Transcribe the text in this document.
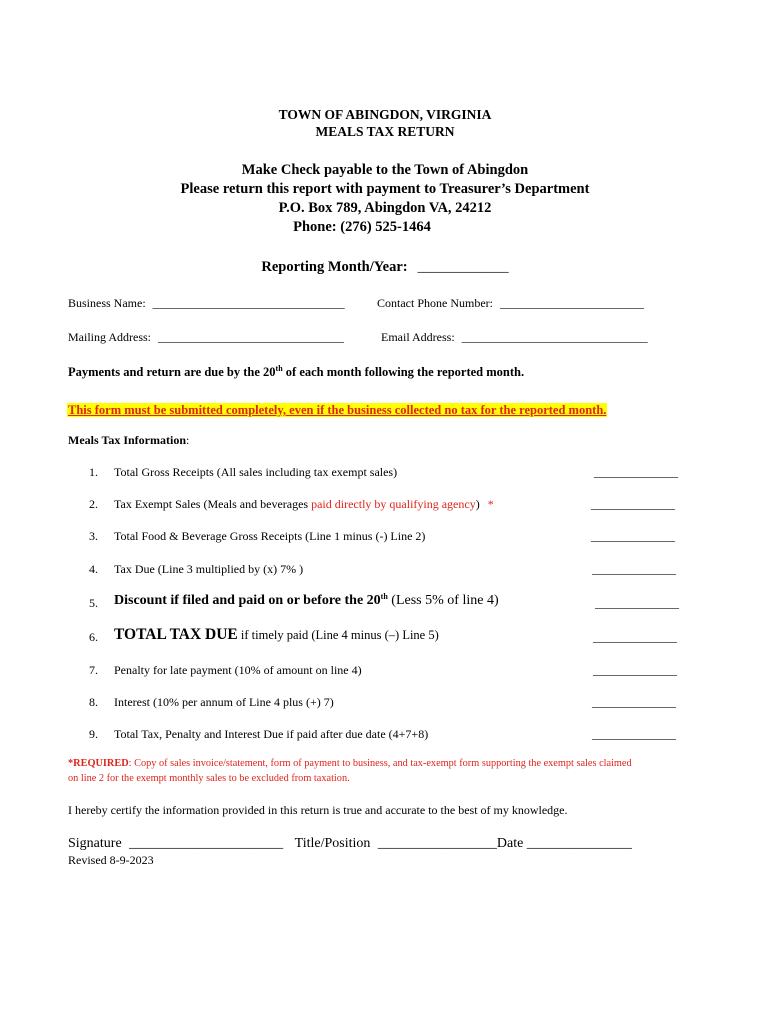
TOWN OF ABINGDON, VIRGINIA
MEALS TAX RETURN
Make Check payable to the Town of Abingdon
Please return this report with payment to Treasurer’s Department
P.O. Box 789, Abingdon VA, 24212
Phone: (276) 525-1464
Reporting Month/Year: _____________
Business Name: ________________________________	Contact Phone Number: ________________________
Mailing Address: _______________________________	Email Address: _______________________________
Payments and return are due by the 20th of each month following the reported month.
This form must be submitted completely, even if the business collected no tax for the reported month.
Meals Tax Information:
1. Total Gross Receipts (All sales including tax exempt sales)	______________
2. Tax Exempt Sales (Meals and beverages paid directly by qualifying agency) *	______________
3. Total Food & Beverage Gross Receipts (Line 1 minus (-) Line 2)	______________
4. Tax Due (Line 3 multiplied by (x) 7% )	______________
5. Discount if filed and paid on or before the 20th (Less 5% of line 4)	______________
6. TOTAL TAX DUE if timely paid (Line 4 minus (–) Line 5)	______________
7. Penalty for late payment (10% of amount on line 4)	______________
8. Interest (10% per annum of Line 4 plus (+) 7)	______________
9. Total Tax, Penalty and Interest Due if paid after due date (4+7+8)	______________
*REQUIRED: Copy of sales invoice/statement, form of payment to business, and tax-exempt form supporting the exempt sales claimed
on line 2 for the exempt monthly sales to be excluded from taxation.
I hereby certify the information provided in this return is true and accurate to the best of my knowledge.
Signature ______________________ Title/Position _________________Date _______________
Revised 8-9-2023
